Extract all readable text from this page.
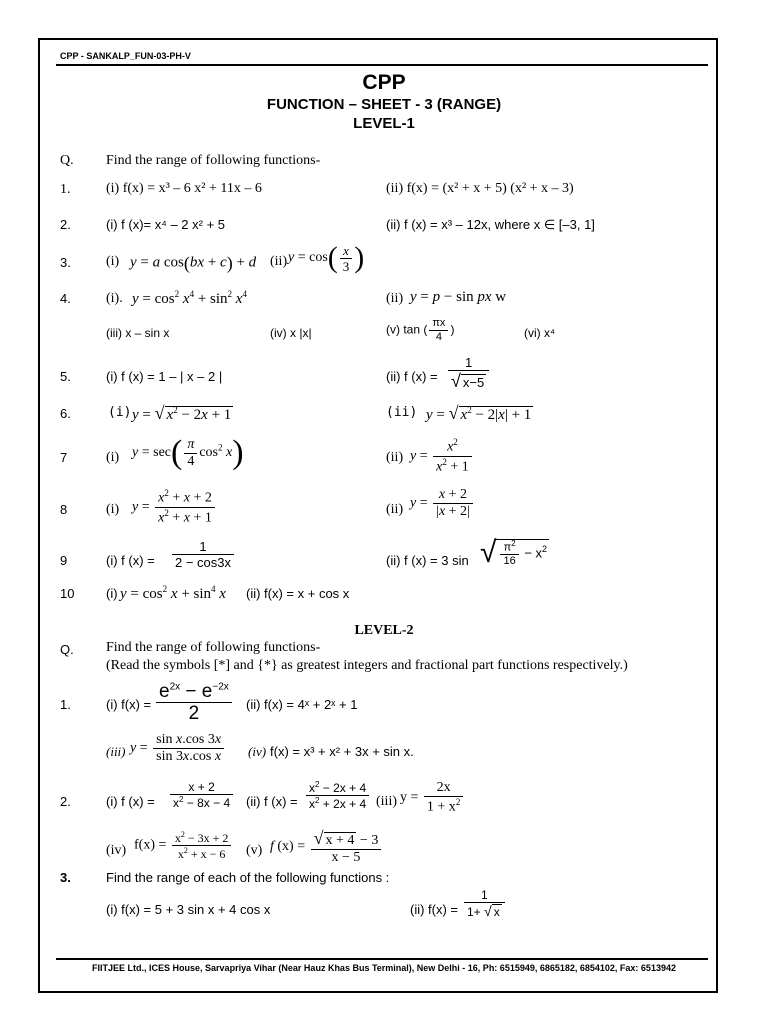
CPP - SANKALP_FUN-03-PH-V
CPP
FUNCTION – SHEET - 3 (RANGE)
LEVEL-1
Q. Find the range of following functions-
1.	(i) f(x) = x³ – 6 x² + 11x – 6	(ii) f(x) = (x² + x + 5) (x² + x – 3)
2.	(i) f (x)= x⁴ – 2 x² + 5	(ii) f (x) = x³ – 12x, where x ∈ [–3, 1]
3.	(i) y = a cos(bx + c) + d (ii) $y = \cos( \frac{x}{3}$ )
4.	(i). $y = \cos^2 x^4 + \sin^2 x^4$	(ii) y = p − sin px w
(iii) x – sin x	(iv) x |x|	(v) tan ( $\frac{\pi x}{4}$ )	(vi) x⁴
5.	(i) f (x) = 1 – | x – 2 |	(ii) f $(x) = \frac{1}{√ x-5}$
6.	(i) y = √ $x^2 - 2x + 1$	(ii) y = √ $x^2 - 2|x| + 1$
7	(i) $y = \sec( \frac{\pi}{4} \cos^2 x)$	(ii) $y = \frac{x^2}{x^2 + 1}$
8	(i) $y = \frac{x^2 + x + 2}{x^2 + x + 1}$	(ii) $y = \frac{x + 2}{|x + 2|}$
9	(i) f $(x) = \frac{1}{2 - \cos 3x}$	(ii) f (x) = 3 sin √ $\frac{\pi^2}{16} - x^2$
10 (i) $y = \cos^2 x + \sin^4 x$ (ii) f(x) = x + cos x
LEVEL-2
Q. Find the range of following functions-
(Read the symbols [*] and {*} as greatest integers and fractional part functions respectively.)
1.	(i) $f(x) = \frac{e^{2x} - e^{-2x}}{2} (ii) f(x)$ = 4ˣ + 2ˣ + 1
(iii) $y = \frac{\text{sin x.cos 3x}}{\text{sin 3x.cos x}} (iv) f(x) = x^3 + x^2 + 3x + \sin x$.
2.	(i) f $(x) = \frac{x + 2}{x^2 - 8x - 4} (ii)$ f $(x) = \frac{x^2 - 2x + 4}{x^2 + 2x + 4} (iii) y = \frac{2x}{1 + x^2}$
(iv) $f(x) = \frac{x^2 - 3x + 2}{x^2 + x - 6} (v)$ f $(x) = \frac{√ x + 4 - 3}{x - 5}$
3.	Find the range of each of the following functions :
(i) f(x) = 5 + 3 sin x + 4 cos x	(ii) $f(x) = \frac{1}{1+ √ x}$
FIITJEE Ltd., ICES House, Sarvapriya Vihar (Near Hauz Khas Bus Terminal), New Delhi - 16, Ph: 6515949, 6865182, 6854102, Fax: 6513942
